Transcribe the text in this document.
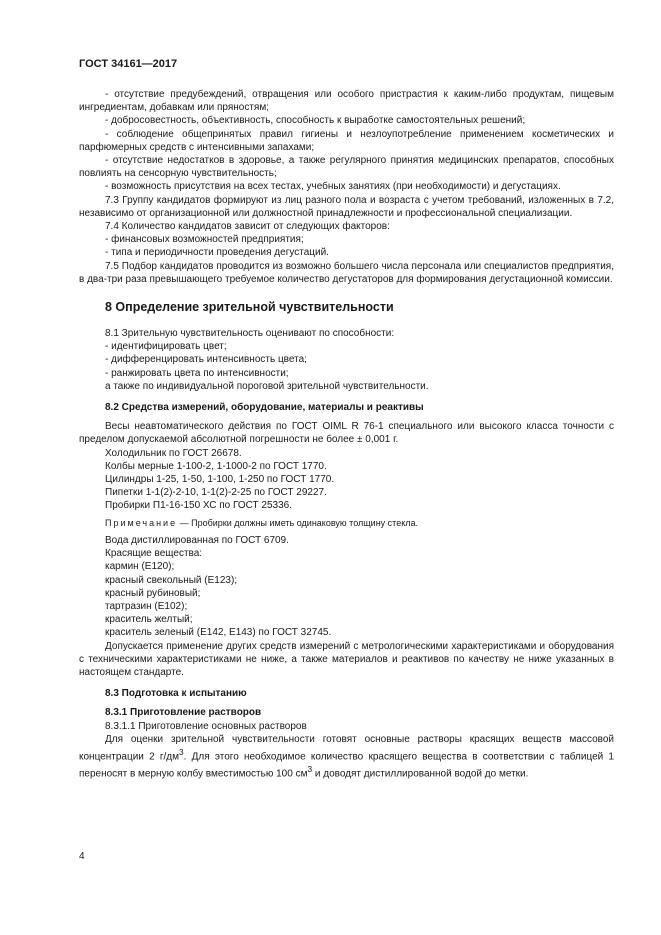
ГОСТ 34161—2017

- отсутствие предубеждений, отвращения или особого пристрастия к каким-либо продуктам, пищевым ингредиентам, добавкам или пряностям;

- добросовестность, объективность, способность к выработке самостоятельных решений;

- соблюдение общепринятых правил гигиены и незлоупотребление применением косметических и парфюмерных средств с интенсивными запахами;

- отсутствие недостатков в здоровье, а также регулярного принятия медицинских препаратов, способных повлиять на сенсорную чувствительность;

- возможность присутствия на всех тестах, учебных занятиях (при необходимости) и дегустациях.

7.3 Группу кандидатов формируют из лиц разного пола и возраста с учетом требований, изложенных в 7.2, независимо от организационной или должностной принадлежности и профессиональной специализации.

7.4 Количество кандидатов зависит от следующих факторов:

- финансовых возможностей предприятия;

- типа и периодичности проведения дегустаций.

7.5 Подбор кандидатов проводится из возможно большего числа персонала или специалистов предприятия, в два-три раза превышающего требуемое количество дегустаторов для формирования дегустационной комиссии.

8 Определение зрительной чувствительности

8.1 Зрительную чувствительность оценивают по способности:

- идентифицировать цвет;

- дифференцировать интенсивность цвета;

- ранжировать цвета по интенсивности;

а также по индивидуальной пороговой зрительной чувствительности.

8.2 Средства измерений, оборудование, материалы и реактивы

Весы неавтоматического действия по ГОСТ OIML R 76-1 специального или высокого класса точности с пределом допускаемой абсолютной погрешности не более ± 0,001 г.

Холодильник по ГОСТ 26678.

Колбы мерные 1-100-2, 1-1000-2 по ГОСТ 1770.

Цилиндры 1-25, 1-50, 1-100, 1-250 по ГОСТ 1770.

Пипетки 1-1(2)-2-10, 1-1(2)-2-25 по ГОСТ 29227.

Пробирки П1-16-150 ХС по ГОСТ 25336.

Примечание — Пробирки должны иметь одинаковую толщину стекла.

Вода дистиллированная по ГОСТ 6709.

Красящие вещества:

кармин (Е120);

красный свекольный (Е123);

красный рубиновый;

тартразин (Е102);

краситель желтый;

краситель зеленый (Е142, Е143) по ГОСТ 32745.

Допускается применение других средств измерений с метрологическими характеристиками и оборудования с техническими характеристиками не ниже, а также материалов и реактивов по качеству не ниже указанных в настоящем стандарте.

8.3 Подготовка к испытанию
8.3.1 Приготовление растворов

8.3.1.1 Приготовление основных растворов

Для оценки зрительной чувствительности готовят основные растворы красящих веществ массовой концентрации 2 $г/дм^3$. Для этого необходимое количество красящего вещества в соответствии с таблицей 1 переносят в мерную колбу вместимостью 100 $см^3$ и доводят дистиллированной водой до метки.

4
